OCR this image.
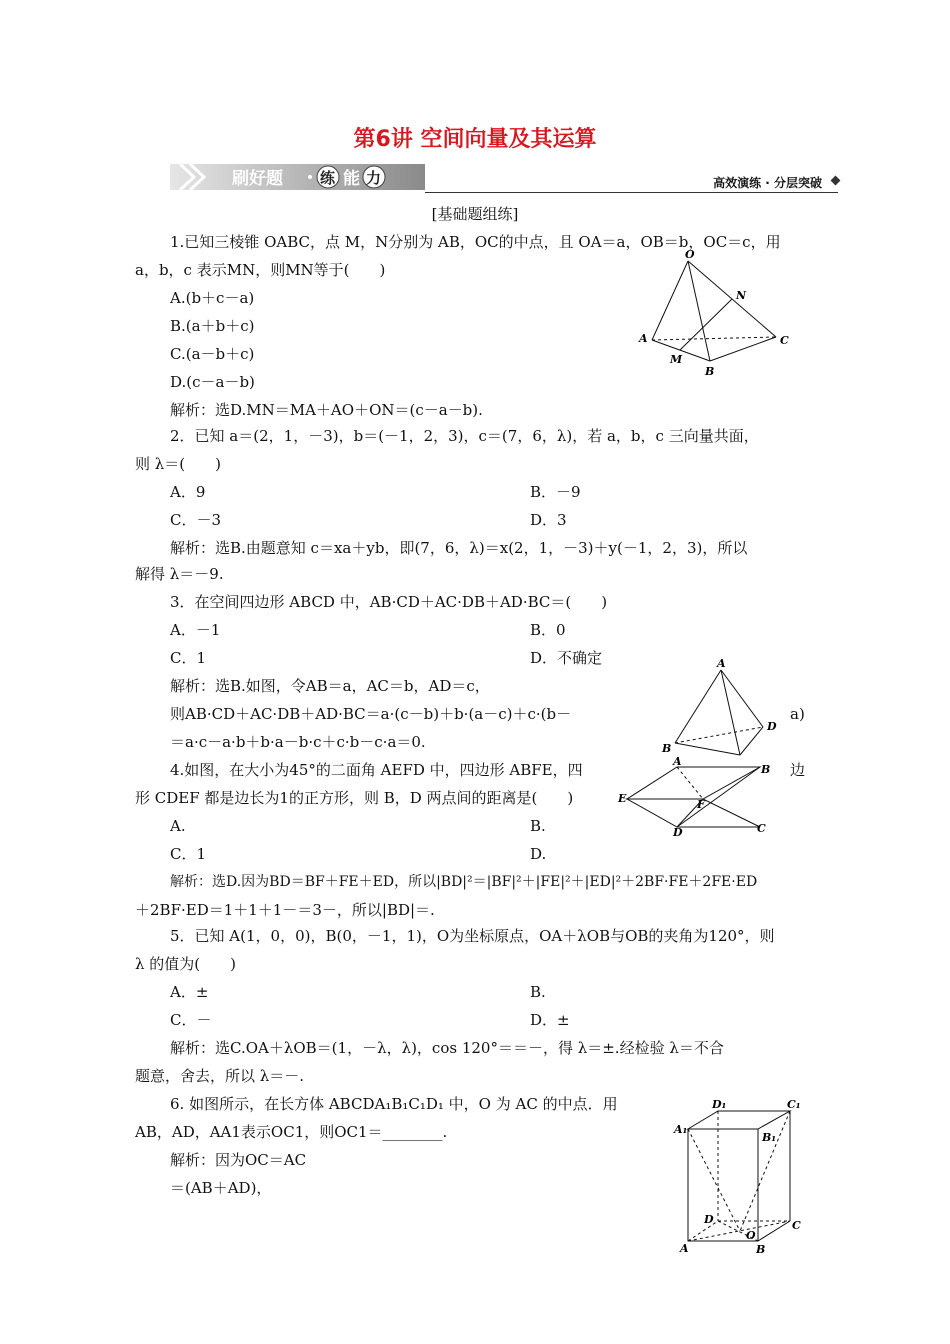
第6讲 空间向量及其运算
刷好题 练 能 力	高效演练 · 分层突破
[基础题组练]
1.已知三棱锥 OABC，点 M，N分别为 AB，OC的中点，且 OA＝a，OB＝b，OC＝c，用
a，b，c 表示MN，则MN等于(　　)
A.(b＋c－a)
B.(a＋b＋c)
C.(a－b＋c)
D.(c－a－b)
解析：选D.MN＝MA＋AO＋ON＝(c－a－b).
2．已知 a＝(2，1，－3)，b＝(－1，2，3)，c＝(7，6，λ)，若 a，b，c 三向量共面，
则 λ＝(　　)
A．9	B．－9
C．－3	D．3
解析：选B.由题意知 c＝xa＋yb，即(7，6，λ)＝x(2，1，－3)＋y(－1，2，3)，所以
解得 λ＝－9.
3．在空间四边形 ABCD 中，AB·CD＋AC·DB＋AD·BC＝(　　)
A．－1	B．0
C．1	D．不确定
解析：选B.如图，令AB＝a，AC＝b，AD＝c，
则AB·CD＋AC·DB＋AD·BC＝a·(c－b)＋b·(a－c)＋c·(b－	a)
＝a·c－a·b＋b·a－b·c＋c·b－c·a＝0.
4.如图，在大小为45°的二面角 AEFD 中，四边形 ABFE，四	边
形 CDEF 都是边长为1的正方形，则 B，D 两点间的距离是(　　)
A.	B.
C．1	D.
解析：选D.因为BD＝BF＋FE＋ED，所以|BD|²＝|BF|²＋|FE|²＋|ED|²＋2BF·FE＋2FE·ED
＋2BF·ED＝1＋1＋1－＝3－，所以|BD|＝.
5．已知 A(1，0，0)，B(0，－1，1)，O为坐标原点，OA＋λOB与OB的夹角为120°，则
λ 的值为(　　)
A．±	B.
C．－	D．±
解析：选C.OA＋λOB＝(1，－λ，λ)，cos 120°＝＝－，得 λ＝±.经检验 λ＝不合
题意，舍去，所以 λ＝－.
6. 如图所示，在长方体 ABCDA₁B₁C₁D₁ 中，O 为 AC 的中点．用
AB，AD，AA1表示OC1，则OC1＝________.
解析：因为OC＝AC
＝(AB＋AD)，
O
N
A	C
M
B
A
D
B
A
B
E	F
D	C
D₁	C₁
A₁
B₁
D	C
A
O
B
